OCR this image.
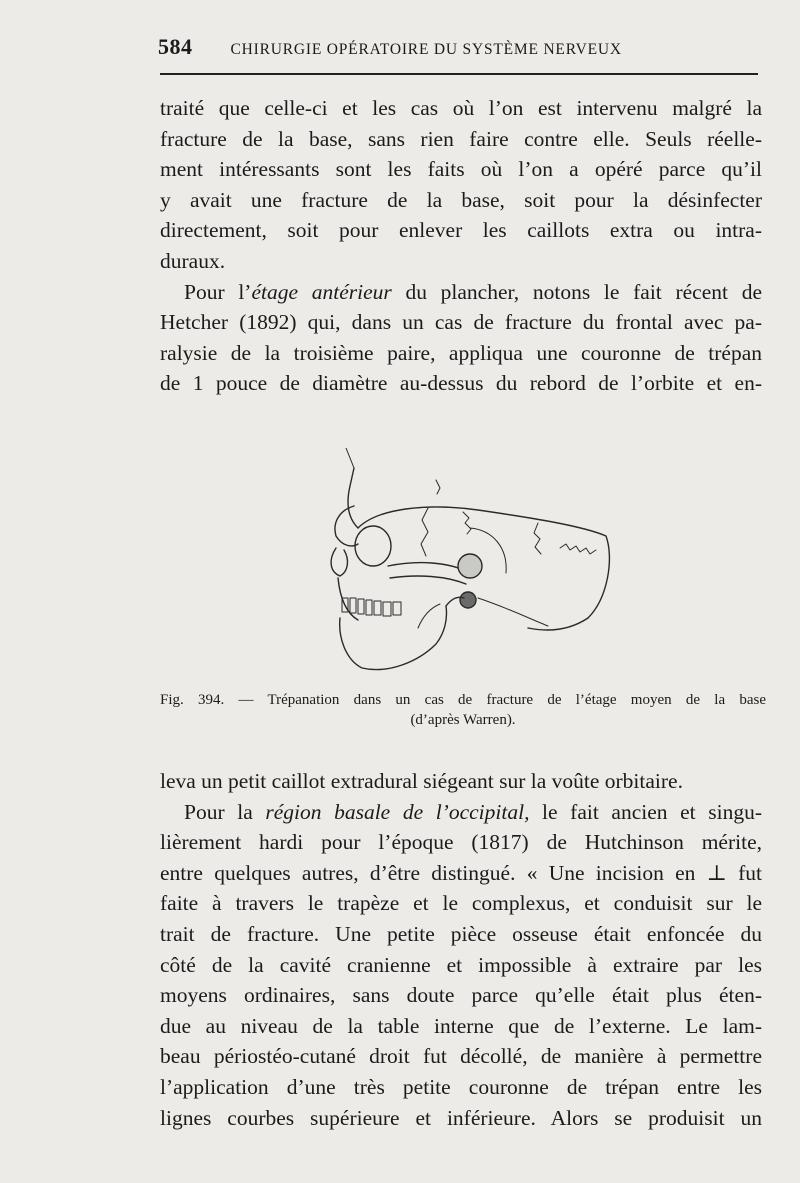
584 CHIRURGIE OPÉRATOIRE DU SYSTÈME NERVEUX
traité que celle-ci et les cas où l’on est intervenu malgré la
fracture de la base, sans rien faire contre elle. Seuls réelle-
ment intéressants sont les faits où l’on a opéré parce qu’il
y avait une fracture de la base, soit pour la désinfecter
directement, soit pour enlever les caillots extra ou intra-
duraux.
Pour l’étage antérieur du plancher, notons le fait récent de
Hetcher (1892) qui, dans un cas de fracture du frontal avec pa-
ralysie de la troisième paire, appliqua une couronne de trépan
de 1 pouce de diamètre au-dessus du rebord de l’orbite et en-
Fig. 394. — Trépanation dans un cas de fracture de l’étage moyen de la base
(d’après Warren).
leva un petit caillot extradural siégeant sur la voûte orbitaire.
Pour la région basale de l’occipital, le fait ancien et singu-
lièrement hardi pour l’époque (1817) de Hutchinson mérite,
entre quelques autres, d’être distingué. « Une incision en ⊥ fut
faite à travers le trapèze et le complexus, et conduisit sur le
trait de fracture. Une petite pièce osseuse était enfoncée du
côté de la cavité cranienne et impossible à extraire par les
moyens ordinaires, sans doute parce qu’elle était plus éten-
due au niveau de la table interne que de l’externe. Le lam-
beau périostéo-cutané droit fut décollé, de manière à permettre
l’application d’une très petite couronne de trépan entre les
lignes courbes supérieure et inférieure. Alors se produisit un
